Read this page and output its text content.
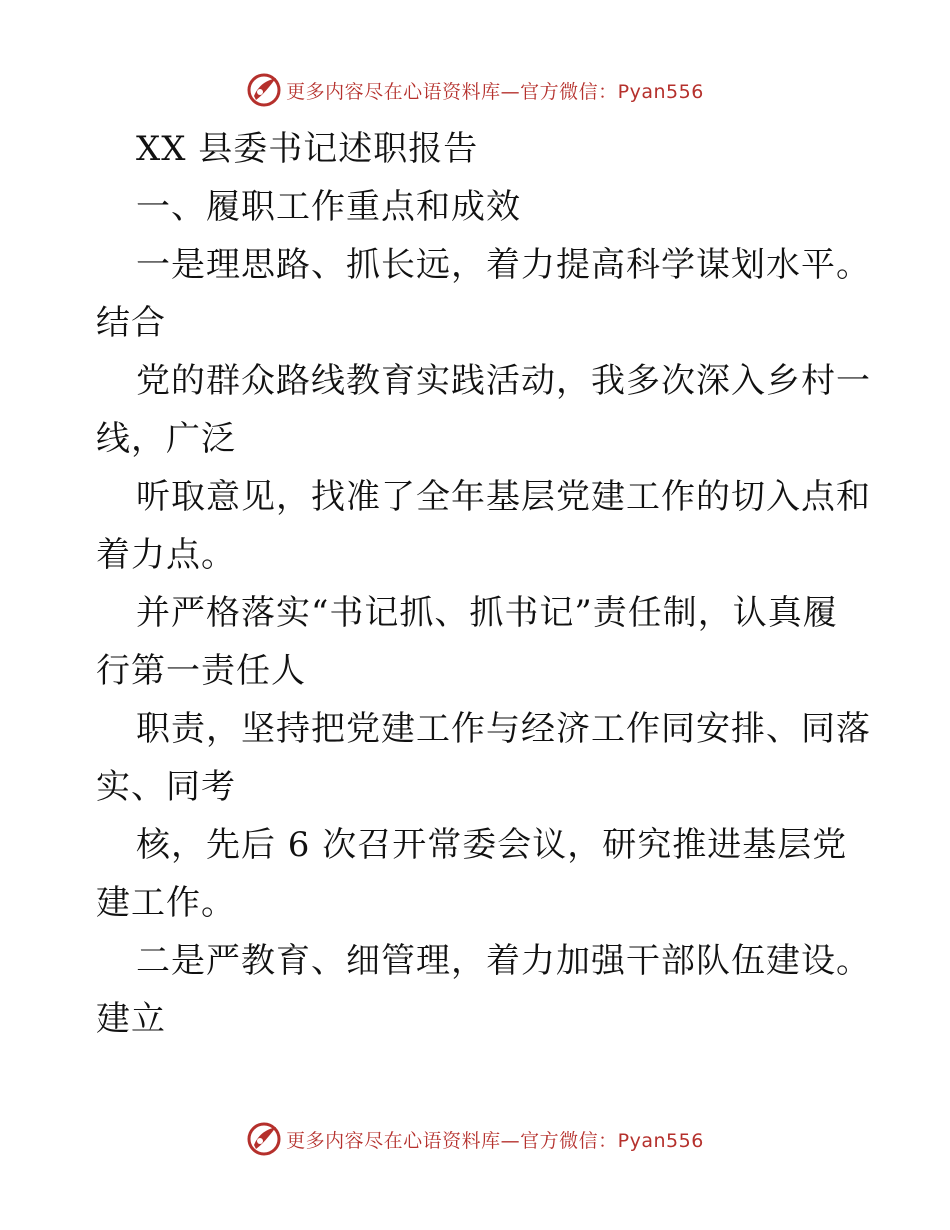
更多内容尽在心语资料库—官方微信：Pyan556
XX 县委书记述职报告
一、履职工作重点和成效
一是理思路、抓长远，着力提高科学谋划水平。
结合
党的群众路线教育实践活动，我多次深入乡村一
线，广泛
听取意见，找准了全年基层党建工作的切入点和
着力点。
并严格落实“书记抓、抓书记”责任制，认真履
行第一责任人
职责，坚持把党建工作与经济工作同安排、同落
实、同考
核，先后 6 次召开常委会议，研究推进基层党
建工作。
二是严教育、细管理，着力加强干部队伍建设。
建立
更多内容尽在心语资料库—官方微信：Pyan556
